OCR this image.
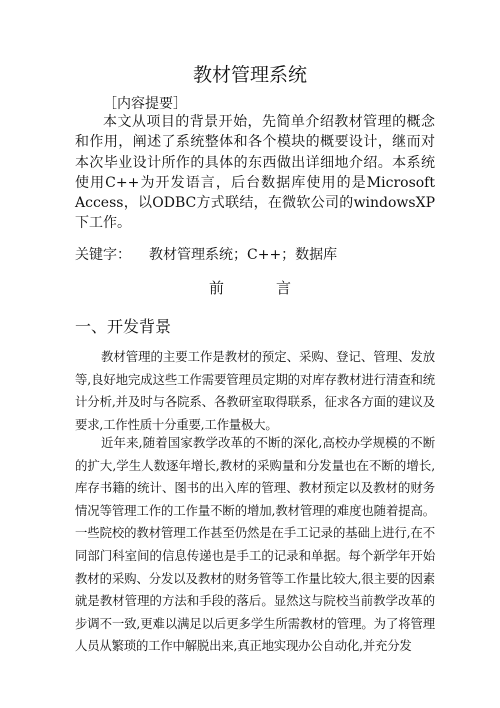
教材管理系统
［内容提要］
本文从项目的背景开始，先简单介绍教材管理的概念和作用，阐述了系统整体和各个模块的概要设计，继而对本次毕业设计所作的具体的东西做出详细地介绍。本系统使用C++为开发语言，后台数据库使用的是Microsoft Access，以ODBC方式联结，在微软公司的windowsXP下工作。
关键字： 教材管理系统；C++；数据库
前	言
一、开发背景
教材管理的主要工作是教材的预定、采购、登记、管理、发放等,良好地完成这些工作需要管理员定期的对库存教材进行清查和统计分析,并及时与各院系、各教研室取得联系，征求各方面的建议及要求,工作性质十分重要,工作量极大。
近年来,随着国家教学改革的不断的深化,高校办学规模的不断的扩大,学生人数逐年增长,教材的采购量和分发量也在不断的增长,库存书籍的统计、图书的出入库的管理、教材预定以及教材的财务情况等管理工作的工作量不断的增加,教材管理的难度也随着提高。一些院校的教材管理工作甚至仍然是在手工记录的基础上进行,在不同部门科室间的信息传递也是手工的记录和单据。每个新学年开始教材的采购、分发以及教材的财务管等工作量比较大,很主要的因素就是教材管理的方法和手段的落后。显然这与院校当前教学改革的步调不一致,更难以满足以后更多学生所需教材的管理。为了将管理人员从繁琐的工作中解脱出来,真正地实现办公自动化,并充分发
